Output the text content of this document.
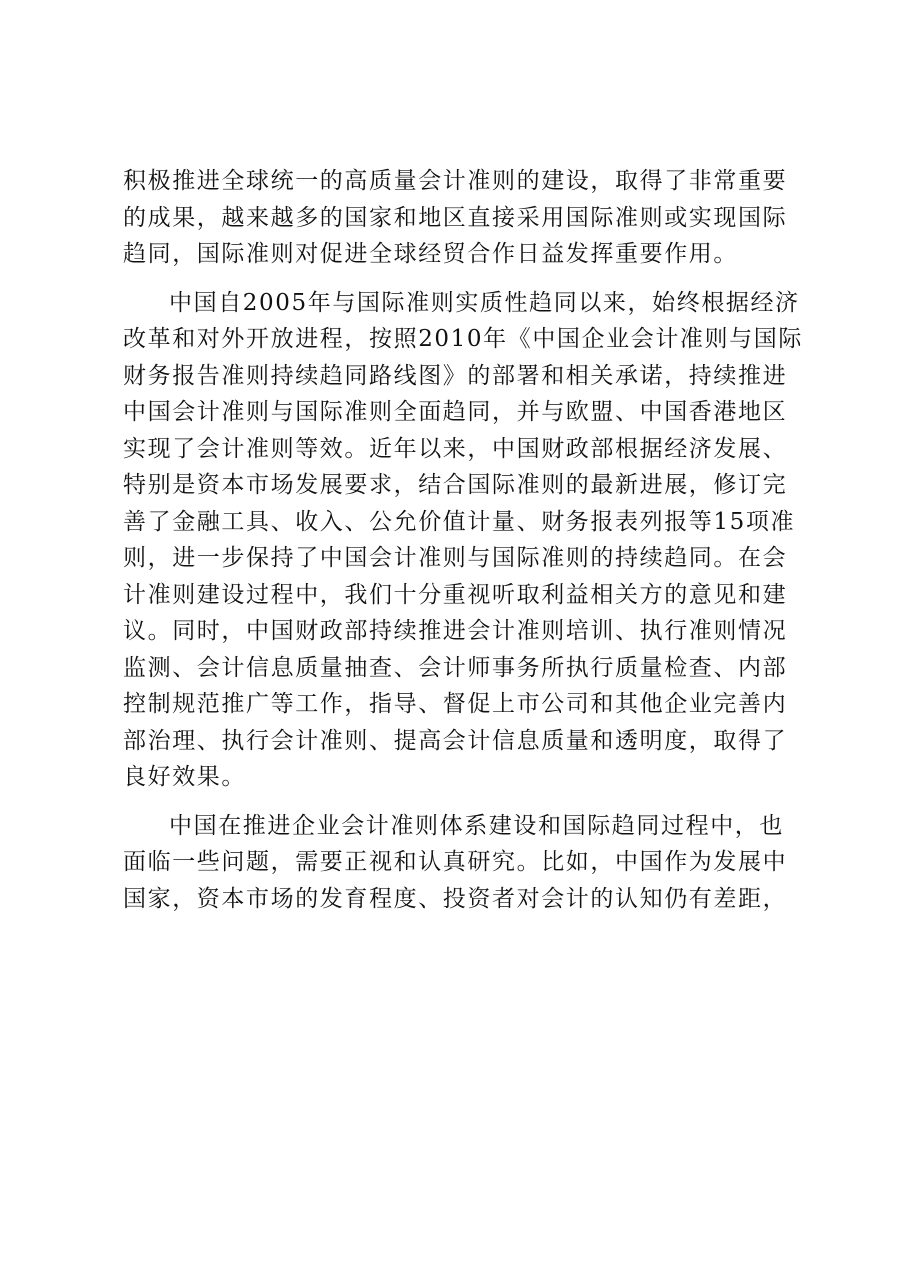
积极推进全球统一的高质量会计准则的建设，取得了非常重要
的成果，越来越多的国家和地区直接采用国际准则或实现国际
趋同，国际准则对促进全球经贸合作日益发挥重要作用。
中国自2005年与国际准则实质性趋同以来，始终根据经济
改革和对外开放进程，按照2010年《中国企业会计准则与国际
财务报告准则持续趋同路线图》的部署和相关承诺，持续推进
中国会计准则与国际准则全面趋同，并与欧盟、中国香港地区
实现了会计准则等效。近年以来，中国财政部根据经济发展、
特别是资本市场发展要求，结合国际准则的最新进展，修订完
善了金融工具、收入、公允价值计量、财务报表列报等15项准
则，进一步保持了中国会计准则与国际准则的持续趋同。在会
计准则建设过程中，我们十分重视听取利益相关方的意见和建
议。同时，中国财政部持续推进会计准则培训、执行准则情况
监测、会计信息质量抽查、会计师事务所执行质量检查、内部
控制规范推广等工作，指导、督促上市公司和其他企业完善内
部治理、执行会计准则、提高会计信息质量和透明度，取得了
良好效果。
中国在推进企业会计准则体系建设和国际趋同过程中，也
面临一些问题，需要正视和认真研究。比如，中国作为发展中
国家，资本市场的发育程度、投资者对会计的认知仍有差距，
